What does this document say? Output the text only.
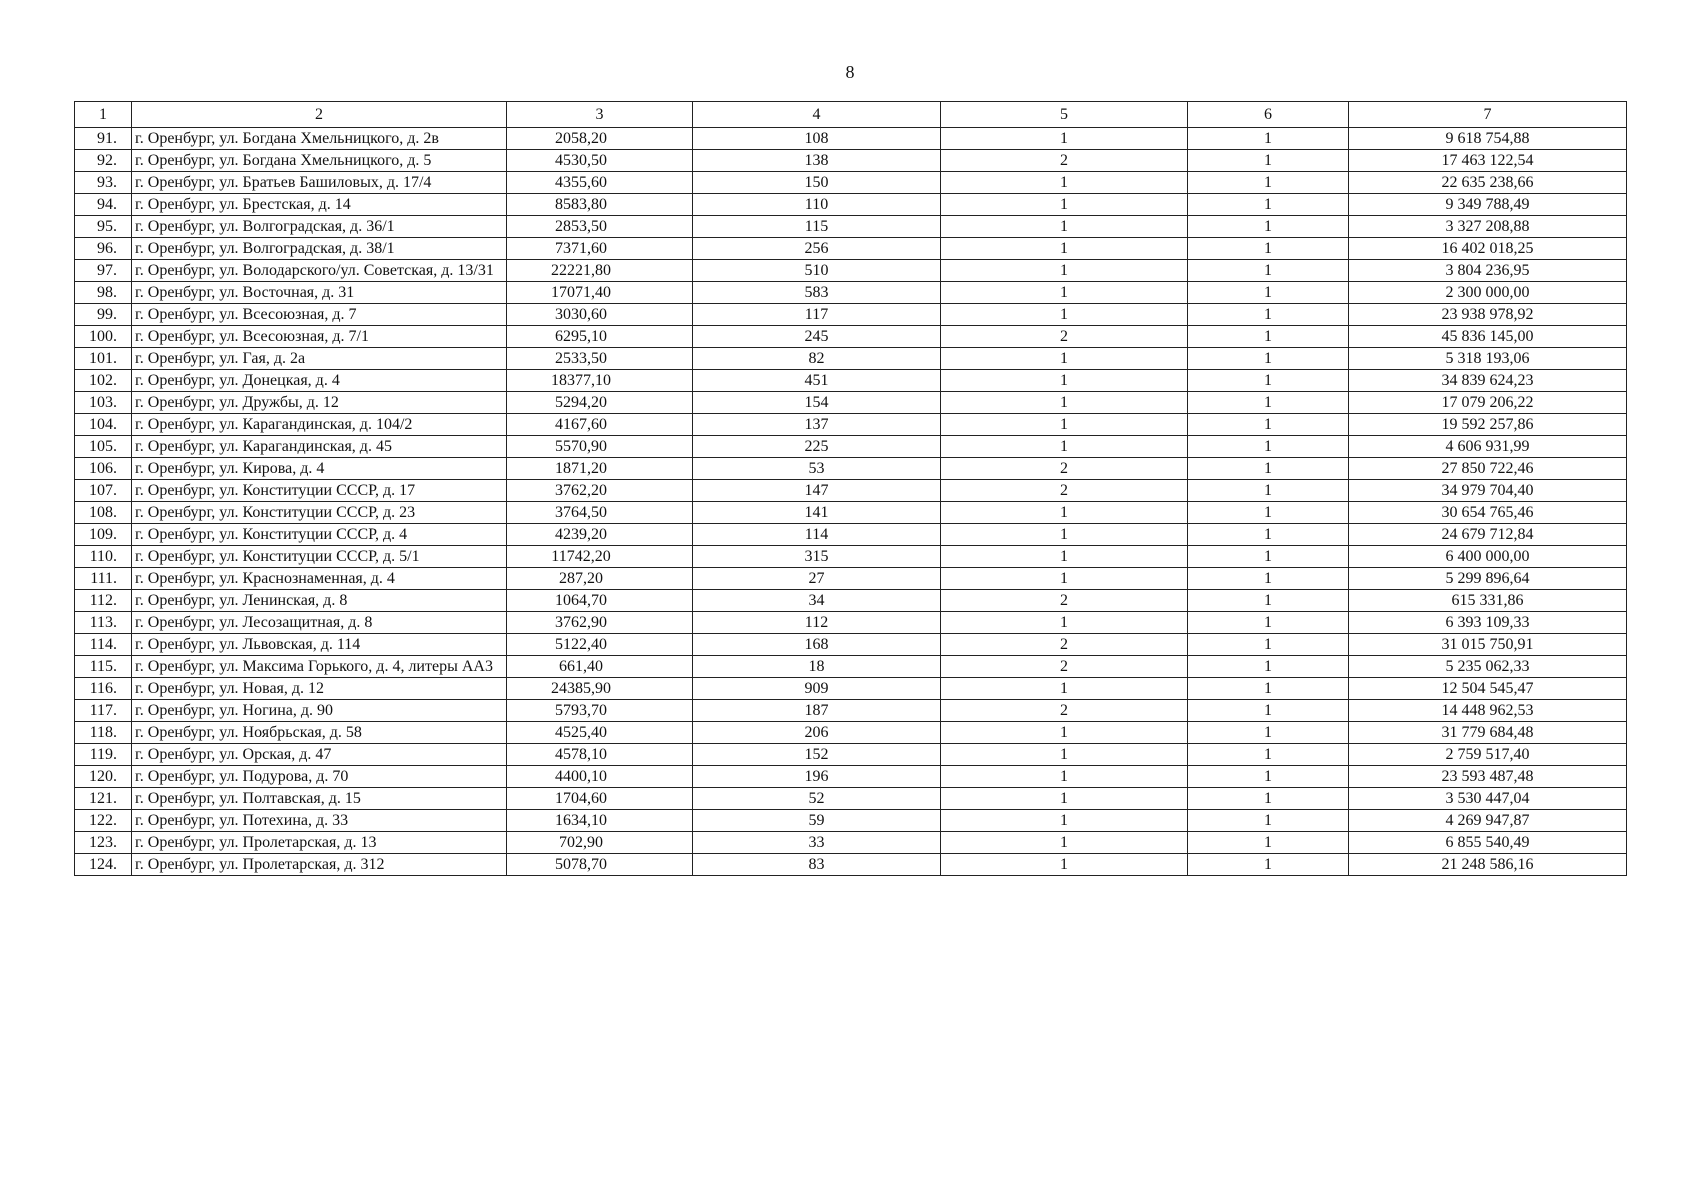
8
1	2	3	4	5	6	7
91.	г. Оренбург, ул. Богдана Хмельницкого, д. 2в	2058,20	108	1	1	9 618 754,88
92.	г. Оренбург, ул. Богдана Хмельницкого, д. 5	4530,50	138	2	1	17 463 122,54
93.	г. Оренбург, ул. Братьев Башиловых, д. 17/4	4355,60	150	1	1	22 635 238,66
94.	г. Оренбург, ул. Брестская, д. 14	8583,80	110	1	1	9 349 788,49
95.	г. Оренбург, ул. Волгоградская, д. 36/1	2853,50	115	1	1	3 327 208,88
96.	г. Оренбург, ул. Волгоградская, д. 38/1	7371,60	256	1	1	16 402 018,25
97.	г. Оренбург, ул. Володарского/ул. Советская, д. 13/31	22221,80	510	1	1	3 804 236,95
98.	г. Оренбург, ул. Восточная, д. 31	17071,40	583	1	1	2 300 000,00
99.	г. Оренбург, ул. Всесоюзная, д. 7	3030,60	117	1	1	23 938 978,92
100.	г. Оренбург, ул. Всесоюзная, д. 7/1	6295,10	245	2	1	45 836 145,00
101.	г. Оренбург, ул. Гая, д. 2а	2533,50	82	1	1	5 318 193,06
102.	г. Оренбург, ул. Донецкая, д. 4	18377,10	451	1	1	34 839 624,23
103.	г. Оренбург, ул. Дружбы, д. 12	5294,20	154	1	1	17 079 206,22
104.	г. Оренбург, ул. Карагандинская, д. 104/2	4167,60	137	1	1	19 592 257,86
105.	г. Оренбург, ул. Карагандинская, д. 45	5570,90	225	1	1	4 606 931,99
106.	г. Оренбург, ул. Кирова, д. 4	1871,20	53	2	1	27 850 722,46
107.	г. Оренбург, ул. Конституции СССР, д. 17	3762,20	147	2	1	34 979 704,40
108.	г. Оренбург, ул. Конституции СССР, д. 23	3764,50	141	1	1	30 654 765,46
109.	г. Оренбург, ул. Конституции СССР, д. 4	4239,20	114	1	1	24 679 712,84
110.	г. Оренбург, ул. Конституции СССР, д. 5/1	11742,20	315	1	1	6 400 000,00
111.	г. Оренбург, ул. Краснознаменная, д. 4	287,20	27	1	1	5 299 896,64
112.	г. Оренбург, ул. Ленинская, д. 8	1064,70	34	2	1	615 331,86
113.	г. Оренбург, ул. Лесозащитная, д. 8	3762,90	112	1	1	6 393 109,33
114.	г. Оренбург, ул. Львовская, д. 114	5122,40	168	2	1	31 015 750,91
115.	г. Оренбург, ул. Максима Горького, д. 4, литеры АА3	661,40	18	2	1	5 235 062,33
116.	г. Оренбург, ул. Новая, д. 12	24385,90	909	1	1	12 504 545,47
117.	г. Оренбург, ул. Ногина, д. 90	5793,70	187	2	1	14 448 962,53
118.	г. Оренбург, ул. Ноябрьская, д. 58	4525,40	206	1	1	31 779 684,48
119.	г. Оренбург, ул. Орская, д. 47	4578,10	152	1	1	2 759 517,40
120.	г. Оренбург, ул. Подурова, д. 70	4400,10	196	1	1	23 593 487,48
121.	г. Оренбург, ул. Полтавская, д. 15	1704,60	52	1	1	3 530 447,04
122.	г. Оренбург, ул. Потехина, д. 33	1634,10	59	1	1	4 269 947,87
123.	г. Оренбург, ул. Пролетарская, д. 13	702,90	33	1	1	6 855 540,49
124.	г. Оренбург, ул. Пролетарская, д. 312	5078,70	83	1	1	21 248 586,16
